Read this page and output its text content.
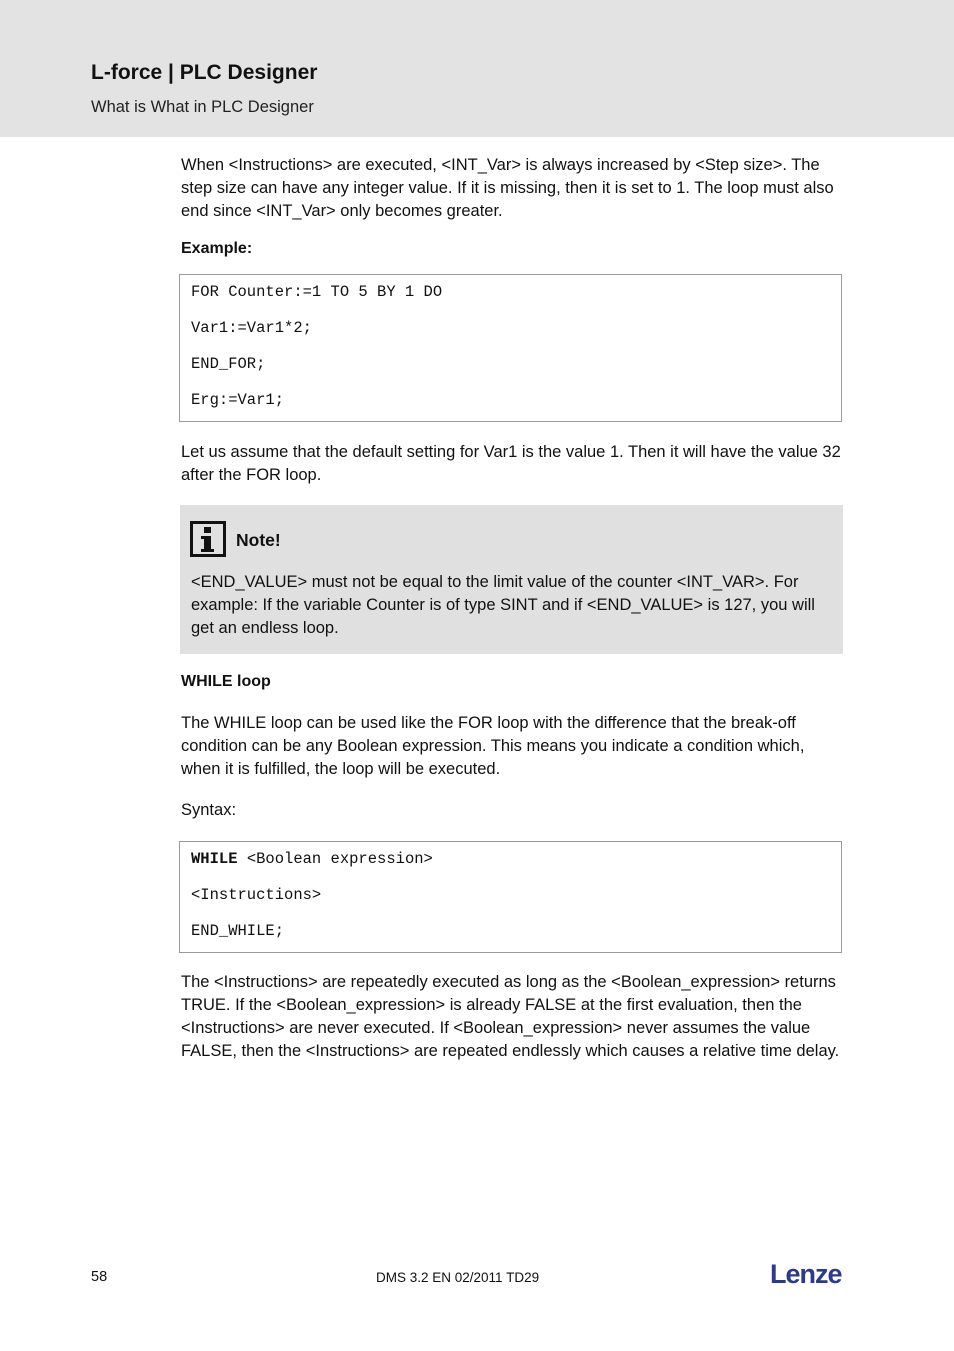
L-force | PLC Designer
What is What in PLC Designer

When <Instructions> are executed, <INT_Var> is always increased by <Step size>. The step size can have any integer value. If it is missing, then it is set to 1. The loop must also end since <INT_Var> only becomes greater.

Example:

FOR Counter:=1 TO 5 BY 1 DO
Var1:=Var1*2;
END_FOR;
Erg:=Var1;

Let us assume that the default setting for Var1 is the value 1. Then it will have the value 32 after the FOR loop.

Note!

<END_VALUE> must not be equal to the limit value of the counter <INT_VAR>. For example: If the variable Counter is of type SINT and if <END_VALUE> is 127, you will get an endless loop.

WHILE loop

The WHILE loop can be used like the FOR loop with the difference that the break-off condition can be any Boolean expression. This means you indicate a condition which, when it is fulfilled, the loop will be executed.

Syntax:

WHILE <Boolean expression>
<Instructions>
END_WHILE;

The <Instructions> are repeatedly executed as long as the <Boolean_expression> returns TRUE. If the <Boolean_expression> is already FALSE at the first evaluation, then the <Instructions> are never executed. If <Boolean_expression> never assumes the value FALSE, then the <Instructions> are repeated endlessly which causes a relative time delay.

58	DMS 3.2 EN 02/2011 TD29	Lenze
